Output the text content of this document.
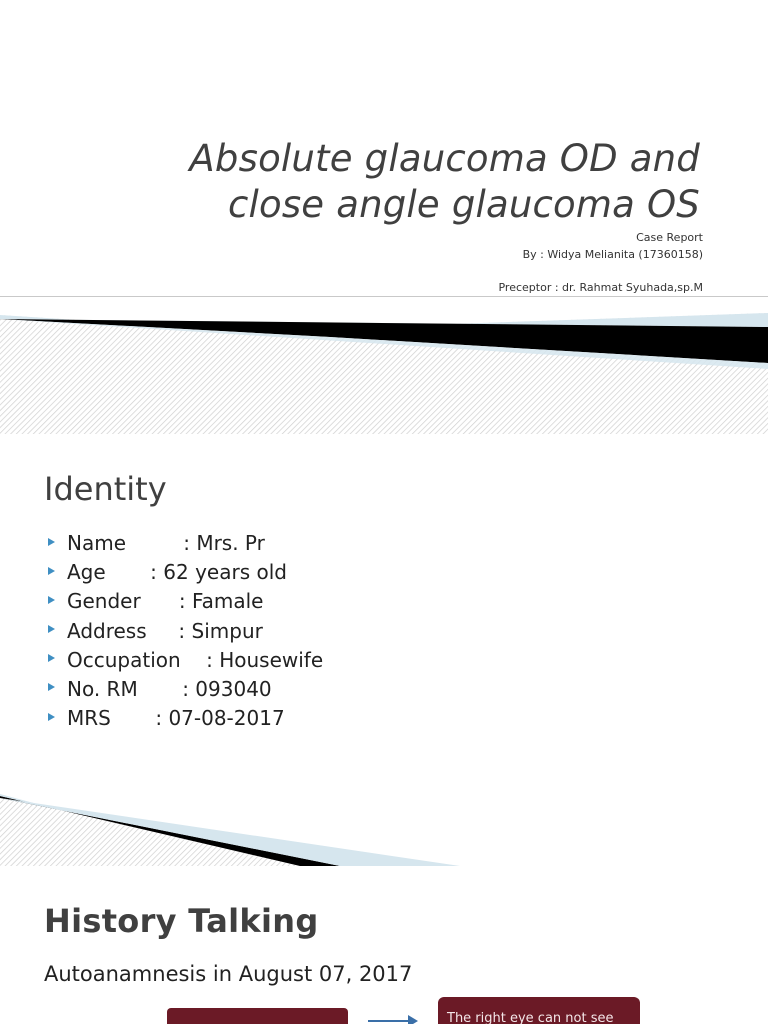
Absolute glaucoma OD and
close angle glaucoma OS
Case Report
By : Widya Melianita (17360158)
Preceptor : dr. Rahmat Syuhada,sp.M
Identity
Name         : Mrs. Pr
Age       : 62 years old
Gender      : Famale
Address     : Simpur
Occupation    : Housewife
No. RM       : 093040
MRS       : 07-08-2017
History Talking
Autoanamnesis in August 07, 2017
The right eye can not see
